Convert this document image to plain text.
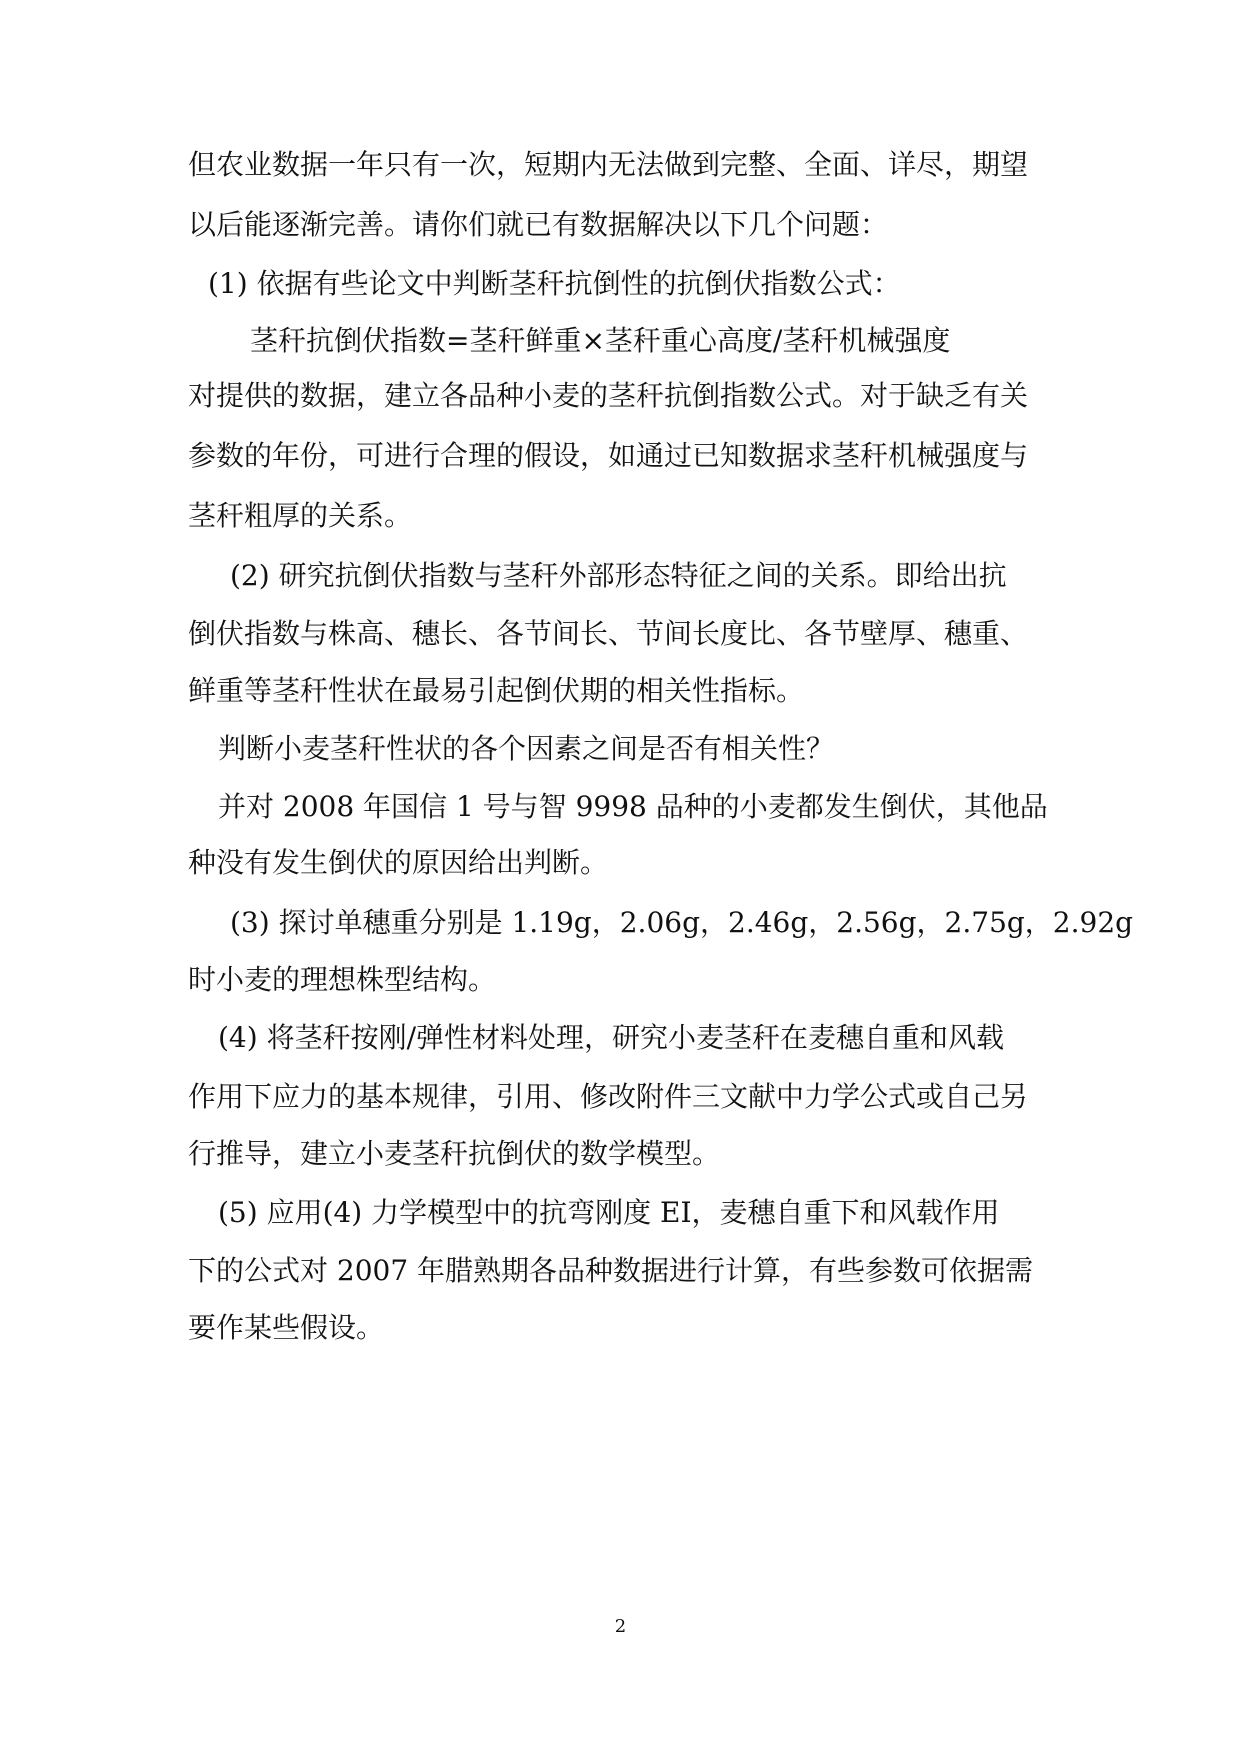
但农业数据一年只有一次，短期内无法做到完整、全面、详尽，期望
以后能逐渐完善。请你们就已有数据解决以下几个问题：
(1) 依据有些论文中判断茎秆抗倒性的抗倒伏指数公式：
茎秆抗倒伏指数=茎秆鲜重×茎秆重心高度/茎秆机械强度
对提供的数据，建立各品种小麦的茎秆抗倒指数公式。对于缺乏有关
参数的年份，可进行合理的假设，如通过已知数据求茎秆机械强度与
茎秆粗厚的关系。
(2) 研究抗倒伏指数与茎秆外部形态特征之间的关系。即给出抗
倒伏指数与株高、穗长、各节间长、节间长度比、各节壁厚、穗重、
鲜重等茎秆性状在最易引起倒伏期的相关性指标。
判断小麦茎秆性状的各个因素之间是否有相关性？
并对 2008 年国信 1 号与智 9998 品种的小麦都发生倒伏，其他品
种没有发生倒伏的原因给出判断。
(3) 探讨单穗重分别是 1.19g，2.06g，2.46g，2.56g，2.75g，2.92g
时小麦的理想株型结构。
(4) 将茎秆按刚/弹性材料处理，研究小麦茎秆在麦穗自重和风载
作用下应力的基本规律，引用、修改附件三文献中力学公式或自己另
行推导，建立小麦茎秆抗倒伏的数学模型。
(5) 应用(4) 力学模型中的抗弯刚度 EI，麦穗自重下和风载作用
下的公式对 2007 年腊熟期各品种数据进行计算，有些参数可依据需
要作某些假设。
2
